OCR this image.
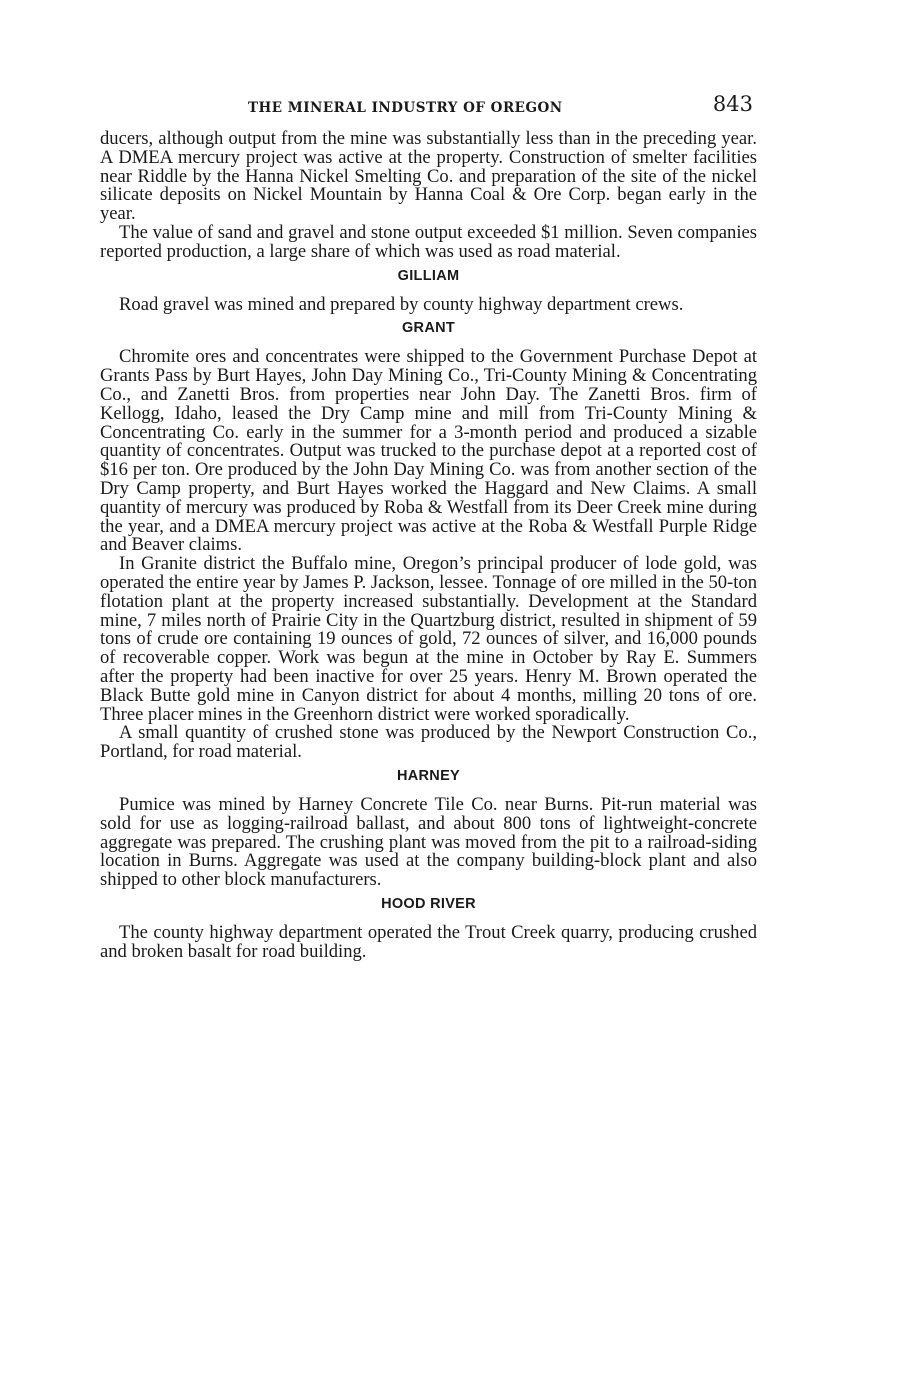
THE MINERAL INDUSTRY OF OREGON	843

ducers, although output from the mine was substantially less than in the preceding year. A DMEA mercury project was active at the property. Construction of smelter facilities near Riddle by the Hanna Nickel Smelting Co. and preparation of the site of the nickel silicate deposits on Nickel Mountain by Hanna Coal & Ore Corp. began early in the year.

The value of sand and gravel and stone output exceeded $1 million. Seven companies reported production, a large share of which was used as road material.

GILLIAM

Road gravel was mined and prepared by county highway department crews.

GRANT

Chromite ores and concentrates were shipped to the Government Purchase Depot at Grants Pass by Burt Hayes, John Day Mining Co., Tri-County Mining & Concentrating Co., and Zanetti Bros. from properties near John Day. The Zanetti Bros. firm of Kellogg, Idaho, leased the Dry Camp mine and mill from Tri-County Mining & Concentrating Co. early in the summer for a 3-month period and produced a sizable quantity of concentrates. Output was trucked to the purchase depot at a reported cost of $16 per ton. Ore produced by the John Day Mining Co. was from another section of the Dry Camp property, and Burt Hayes worked the Haggard and New Claims. A small quantity of mercury was produced by Roba & Westfall from its Deer Creek mine during the year, and a DMEA mercury project was active at the Roba & Westfall Purple Ridge and Beaver claims.

In Granite district the Buffalo mine, Oregon’s principal producer of lode gold, was operated the entire year by James P. Jackson, lessee. Tonnage of ore milled in the 50-ton flotation plant at the property increased substantially. Development at the Standard mine, 7 miles north of Prairie City in the Quartzburg district, resulted in shipment of 59 tons of crude ore containing 19 ounces of gold, 72 ounces of silver, and 16,000 pounds of recoverable copper. Work was begun at the mine in October by Ray E. Summers after the property had been inactive for over 25 years. Henry M. Brown operated the Black Butte gold mine in Canyon district for about 4 months, milling 20 tons of ore. Three placer mines in the Greenhorn district were worked sporadically.

A small quantity of crushed stone was produced by the Newport Construction Co., Portland, for road material.

HARNEY

Pumice was mined by Harney Concrete Tile Co. near Burns. Pit-run material was sold for use as logging-railroad ballast, and about 800 tons of lightweight-concrete aggregate was prepared. The crushing plant was moved from the pit to a railroad-siding location in Burns. Aggregate was used at the company building-block plant and also shipped to other block manufacturers.

HOOD RIVER

The county highway department operated the Trout Creek quarry, producing crushed and broken basalt for road building.
